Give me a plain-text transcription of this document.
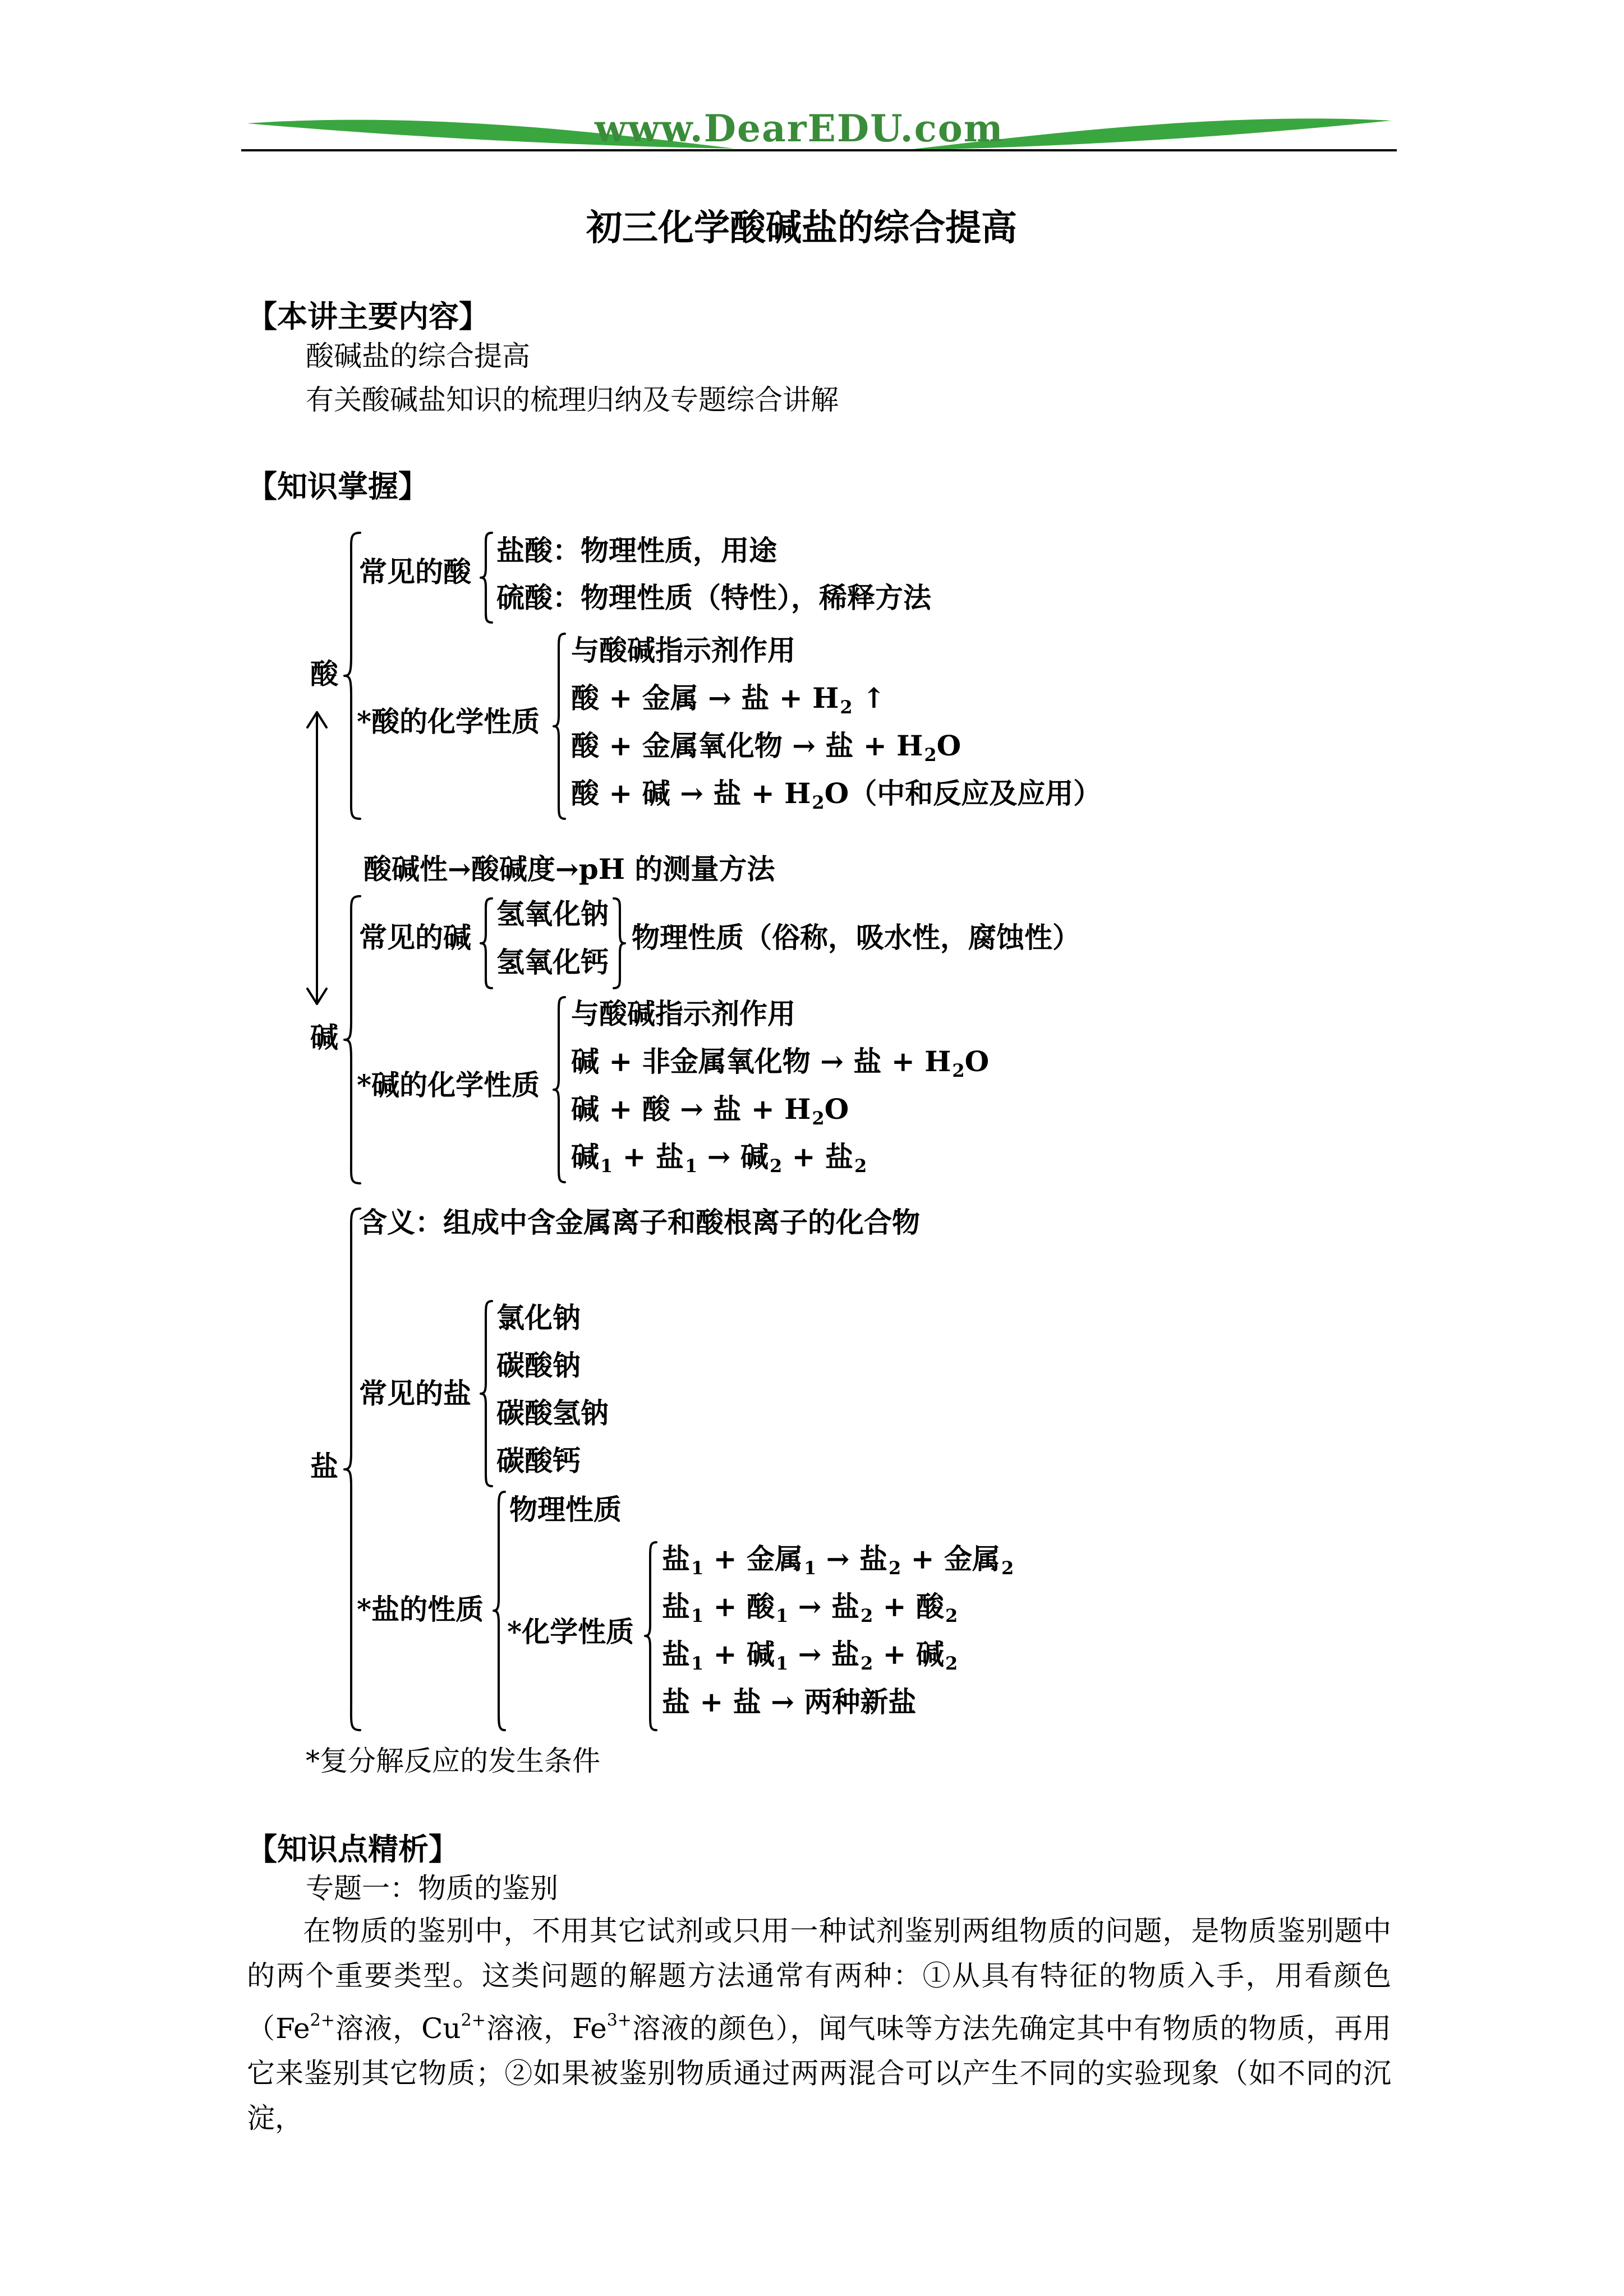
www.DearEDU.com
初三化学酸碱盐的综合提高
【本讲主要内容】
酸碱盐的综合提高
有关酸碱盐知识的梳理归纳及专题综合讲解
【知识掌握】
酸
常见的酸
盐酸：物理性质，用途
硫酸：物理性质（特性），稀释方法
*酸的化学性质
与酸碱指示剂作用
酸 + 金属 → 盐 + $H_2$ ↑
酸 + 金属氧化物 → 盐 + $H_2O$
酸 + 碱 → 盐 + $H_2O$（中和反应及应用）
酸碱性→酸碱度→pH 的测量方法
碱
常见的碱
氢氧化钠
氢氧化钙
物理性质（俗称，吸水性，腐蚀性）
*碱的化学性质
与酸碱指示剂作用
碱 + 非金属氧化物 → 盐 + $H_2O$
碱 + 酸 → 盐 + $H_2O$
碱$_1$ + 盐$_1$ → 碱$_2$ + 盐$_2$
盐
含义：组成中含金属离子和酸根离子的化合物
常见的盐
氯化钠
碳酸钠
碳酸氢钠
碳酸钙
*盐的性质
物理性质
*化学性质
盐$_1$ + 金属$_1$ → 盐$_2$ + 金属$_2$
盐$_1$ + 酸$_1$ → 盐$_2$ + 酸$_2$
盐$_1$ + 碱$_1$ → 盐$_2$ + 碱$_2$
盐 + 盐 → 两种新盐
*复分解反应的发生条件
【知识点精析】
专题一：物质的鉴别
在物质的鉴别中，不用其它试剂或只用一种试剂鉴别两组物质的问题，是物质鉴别题中的两个重要类型。这类问题的解题方法通常有两种：①从具有特征的物质入手，用看颜色（$Fe^{2+}$溶液，$Cu^{2+}$溶液，$Fe^{3+}$溶液的颜色），闻气味等方法先确定其中有物质的物质，再用它来鉴别其它物质；②如果被鉴别物质通过两两混合可以产生不同的实验现象（如不同的沉淀，
